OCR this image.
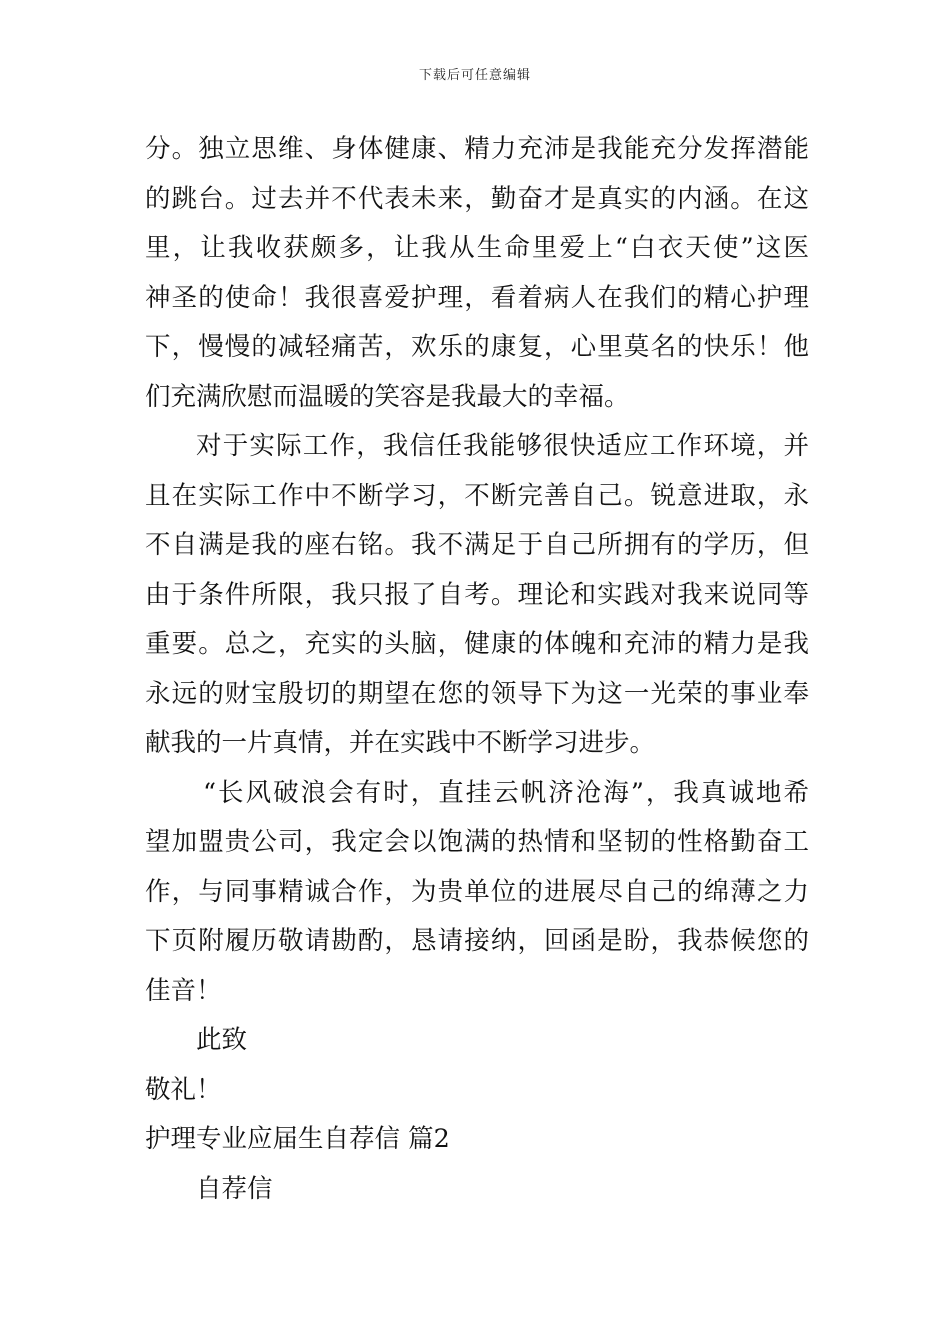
下载后可任意编辑

分。独立思维、身体健康、精力充沛是我能充分发挥潜能
的跳台。过去并不代表未来，勤奋才是真实的内涵。在这
里，让我收获颇多，让我从生命里爱上“白衣天使”这医
神圣的使命！我很喜爱护理，看着病人在我们的精心护理
下，慢慢的减轻痛苦，欢乐的康复，心里莫名的快乐！他
们充满欣慰而温暖的笑容是我最大的幸福。

对于实际工作，我信任我能够很快适应工作环境，并
且在实际工作中不断学习，不断完善自己。锐意进取，永
不自满是我的座右铭。我不满足于自己所拥有的学历，但
由于条件所限，我只报了自考。理论和实践对我来说同等
重要。总之，充实的头脑，健康的体魄和充沛的精力是我
永远的财宝殷切的期望在您的领导下为这一光荣的事业奉
献我的一片真情，并在实践中不断学习进步。

“长风破浪会有时，直挂云帆济沧海”，我真诚地希
望加盟贵公司，我定会以饱满的热情和坚韧的性格勤奋工
作，与同事精诚合作，为贵单位的进展尽自己的绵薄之力
下页附履历敬请勘酌，恳请接纳，回函是盼，我恭候您的
佳音！

此致

敬礼！

护理专业应届生自荐信 篇2

自荐信
